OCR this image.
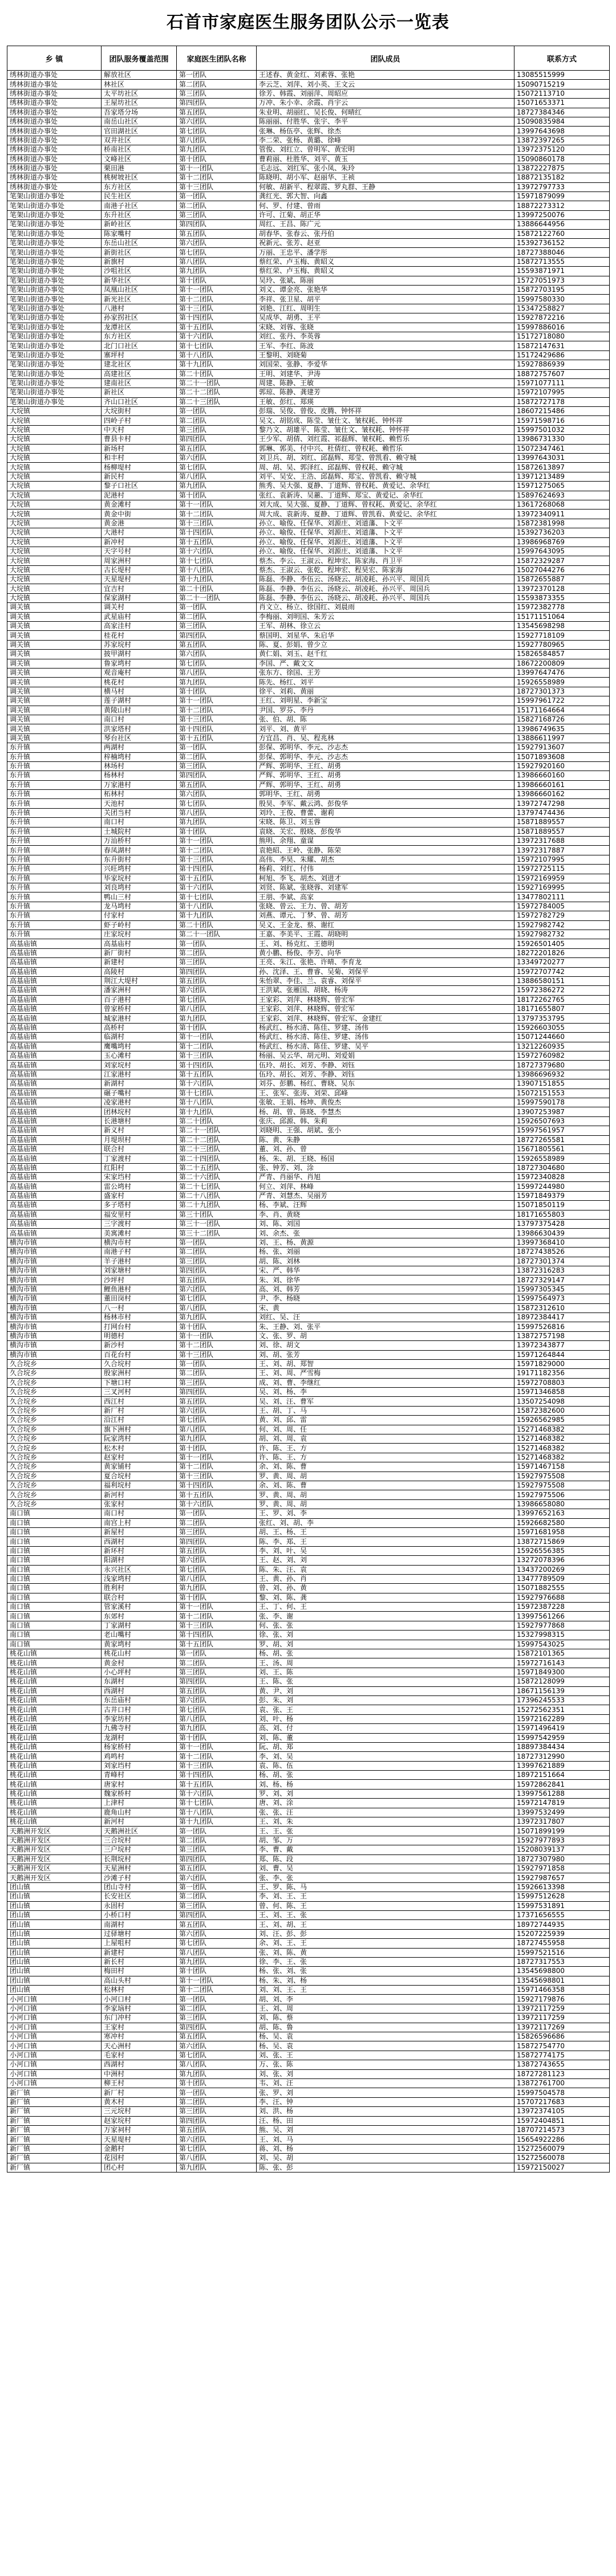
石首市家庭医生服务团队公示一览表
乡 镇	团队服务覆盖范围	家庭医生团队名称	团队成员	联系方式
绣林街道办事处	解放社区	第一团队	王述春、黄金红、刘素蓉、张艳	13085515999
绣林街道办事处	林社区	第二团队	李云芝、刘萍、刘小英、王文云	15090715219
绣林街道办事处	太平坊社区	第三团队	徐芳、韩霞、刘丽萍、周昭应	15072113710
绣林街道办事处	王屋坊社区	第四团队	万冲、朱小幸、余霞、肖宇云	15071653371
绣林街道办事处	吾家塔分场	第五团队	朱业明、胡丽红、吴长俊、何晴红	18727384346
绣林街道办事处	南岳山社区	第六团队	陈丽丽、付胜华、张宇、李平	15090835984
绣林街道办事处	官田湖社区	第七团队	张琳、杨伍亭、张辉、徐杰	13997643698
绣林街道办事处	双井社区	第八团队	李二荣、张杨、黄璐、徐峰	13872397265
绣林街道办事处	桥南社区	第九团队	管俊、刘红立、曾明军、黄宏明	13972375120
绣林街道办事处	文峰社区	第十团队	曹莉丽、杜胜华、刘平、黄玉	15090860178
绣林街道办事处	栗田港	第十一团队	毛志远、刘红军、张小凤、朱玲	13872227875
绣林街道办事处	桃树坡社区	第十二团队	陈晓明、胡小军、赵丽华、王祯	18872135182
绣林街道办事处	东方社区	第十三团队	何敏、胡新平、程翠霞、罗丸群、王静	13972797733
笔架山街道办事处	民生社区	第一团队	龚红光、郭大智、向鑫	15971879099
笔架山街道办事处	南港子社区	第二团队	何、罗、付建、曾雨	18872273312
笔架山街道办事处	东升社区	第三团队	许可、江菊、胡正华	13997250076
笔架山街道办事处	新岭社区	第四团队	周红、王昌、陈广元	13886644956
笔架山街道办事处	陈家嘴村	第五团队	胡春华、张春云、张丹伯	15872122760
笔架山街道办事处	东岳山社区	第六团队	祝新元、张芳、赵亚	15392736152
笔架山街道办事处	新街社区	第七团队	万丽、王忠平、潘学彤	18727388046
笔架山街道办事处	新旗村	第八团队	蔡红荣、卢玉梅、黄昭义	15872713555
笔架山街道办事处	沙咀社区	第九团队	蔡红荣、卢玉梅、黄昭义	15593871971
笔架山街道办事处	新华社区	第十团队	吴玲、张斌、陈丽	15727051973
笔架山街道办事处	凤凰山社区	第十一团队	刘义、谭金亮、张艳华	15872703195
笔架山街道办事处	新光社区	第十二团队	李祥、张卫星、胡平	15997580330
笔架山街道办事处	八港村	第十三团队	刘艳、江红、周明生	15347258827
笔架山街道办事处	孙家拐社区	第十四团队	吴成华、胡勇、王平	15927872216
笔架山街道办事处	龙潭社区	第十五团队	宋晓、刘蓉、张晓	15997886016
笔架山街道办事处	东方社区	第十六团队	刘红、张丹、李英蓉	15172718080
笔架山街道办事处	北门口社区	第十七团队	王军、李红、陈波	15872147631
笔架山街道办事处	寨坪村	第十八团队	王黎明、刘晓菊	15172429686
笔架山街道办事处	建北社区	第十九团队	刘国荣、张静、李爱华	15927886939
笔架山街道办事处	高建社区	第二十团队	王明、刘建华、尹涛	18872757607
笔架山街道办事处	建南社区	第二十一团队	周建、陈静、王敏	15971077111
笔架山街道办事处	新社区	第二十二团队	郭琼、陈静、龚建芳	15972107995
笔架山街道办事处	齐山口社区	第二十三团队	王敏、彭红、郑瑛	15872727178
大垸镇	大垸街村	第一团队	彭瑞、吴俊、曾俊、皮腾、钟怀祥	18607215486
大垸镇	四岭子村	第二团队	吴文、胡铭成、陈莹、皱仕文、皱权耗、钟怀祥	15971598716
大垸镇	中天村	第三团队	黎乃文、胡雄平、陈莹、皱仕文、皱权耗、钟怀祥	15997501032
大垸镇	曹县卡村	第四团队	王少军、胡倩、刘红霞、祁磊辉、皱权耗、赖哲乐	13986731330
大垸镇	新场村	第五团队	郭琳、郭美、付中兴、杜倩红、曾权耗、赖哲乐	15072347461
大垸镇	和丰村	第六团队	刘卫兵、胡、刘红、邱磊辉、郑莹、曾凯看、赖守城	13997643031
大垸镇	杨柳堤村	第七团队	周、胡、吴、郭泽红、邱磊辉、曾权耗、赖守城	15872613897
大垸镇	新民村	第八团队	刘平、吴安、王浩、邱磊辉、郑宝、曾凯看、赖守城	13971213489
大垸镇	黎子口社区	第九团队	熊秀、吴大强、夏静、丁道辉、曾权耗、黄爱记、余华红	15971275065
大垸镇	泥港村	第十团队	张红、袁新涛、吴蕙、丁道辉、郑宝、黄爱记、余华红	15897624693
大垸镇	黄金滩村	第十一团队	刘大成、吴大强、夏静、丁道辉、曾权耗、黄爱记、余华红	13617268068
大垸镇	黄金中街	第十二团队	周大成、袁新涛、夏静、丁道辉、曾凯看、黄爱记、余华红	13972340911
大垸镇	黄金港	第十三团队	孙立、喻俊、任保华、刘源庄、刘道藩、卜文平	15872381998
大垸镇	大港村	第十四团队	孙立、喻俊、任保华、刘源庄、刘道藩、卜文平	15392736203
大垸镇	新冲村	第十五团队	孙立、喻俊、任保华、刘源庄、刘道藩、卜文平	13986968769
大垸镇	天字号村	第十六团队	孙立、喻俊、任保华、刘源庄、刘道藩、卜文平	15997643095
大垸镇	周家洲村	第十七团队	蔡杰、李云、王淑云、程坤宏、陈家海、肖卫平	15872329287
大垸镇	古长堤村	第十八团队	蔡杰、王淑云、张乾、程坤宏、程昊宏、陈家海	15027044276
大垸镇	天星堤村	第十九团队	陈磊、李静、李伍云、汤晓云、胡凌耗、孙兴平、周国兵	15872655887
大垸镇	宜吉村	第二十团队	陈磊、李静、李伍云、汤晓云、胡凌耗、孙兴平、周国兵	13972370128
大垸镇	保家湖村	第二十一团队	陈磊、李静、李伍云、汤晓云、胡凌耗、孙兴平、周国兵	15593873355
调关镇	调关村	第一团队	肖文立、杨立、徐国红、刘晨雨	15972382778
调关镇	武星庙村	第二团队	李梅丽、刘明国、朱芳云	15171151064
调关镇	高家洼村	第三团队	王军、胡林、徐立云	13545698298
调关镇	桂花村	第四团队	蔡国明、刘星华、朱启华	15927718109
调关镇	苏家垸村	第五团队	陈、夏、彭娟、曾少立	15927780965
调关镇	披甲湖村	第六团队	黄仁娟、刘玉、赵千红	15826584857
调关镇	鲁家塆村	第七团队	李国、严、戴文文	18672200809
调关镇	观音庵村	第八团队	张东方、徐国、王芳	13997647476
调关镇	桃花村	第九团队	陈先、杨红、刘平	15926558989
调关镇	横马村	第十团队	徐平、刘莉、黄丽	18727301373
调关镇	莲子湖村	第十一团队	王红、刘明星、李新宝	15997961722
调关镇	黄陵山村	第十二团队	尹国、罗芬、李丹	15171164664
调关镇	南口村	第十三团队	张、伯、胡、陈	15827168726
调关镇	洪家塔村	第十四团队	刘平、刘、黄平	13986749635
调关镇	琴台社区	第十五团队	方宜昌、肖、吴、程兆林	13886611997
东升镇	两湖村	第一团队	彭保、郭明华、李元、沙志杰	15927913607
东升镇	梓楠塆村	第二团队	彭保、郭明华、李元、沙志杰	15071893608
东升镇	林场村	第三团队	严辉、郭明华、王红、胡勇	15927920160
东升镇	杨林村	第四团队	严辉、郭明华、王红、胡勇	13986660160
东升镇	万家港村	第五团队	严辉、郭明华、王红、胡勇	13986660161
东升镇	柘林村	第六团队	郭明华、王红、胡勇	13986660162
东升镇	天池村	第七团队	殷昊、李军、戴云鸿、彭俊华	13972747298
东升镇	关团当村	第八团队	刘玲、王俊、曹蕾、谢莉	13797474436
东升镇	南口村	第九团队	宋晓、陈卫、刘玉蓉	15871889557
东升镇	土城院村	第十团队	袁晓、关宏、殷晓、彭俊华	15871889557
东升镇	万汕桥村	第十一团队	熊明、余翔、童谋	13972317688
东升镇	春凤湖村	第十二团队	袁艳昭、王岭、张静、陈荣	13972317887
东升镇	东升街村	第十三团队	高伟、李昊、朱耀、胡杰	15972107995
东升镇	兴旺塆村	第十四团队	杨莉、刘红、付伟	15972725115
东升镇	毕家垸村	第十五团队	柯旭、李飞、胡杰、刘进才	15972169959
东升镇	刘良塆村	第十六团队	刘贤、陈斌、张晓蓉、刘建军	15927169995
东升镇	鸭山三村	第十七团队	王朋、李斌、高家	13477802111
东升镇	龙马塆村	第十八团队	张晓、曾云、王力、曾、胡芳	15972784005
东升镇	付家村	第十九团队	刘燕、谭元、丁梦、曾、胡芳	15972782729
东升镇	虾子岭村	第二十团队	吴义、王金龙、蔡、谢红	15927982742
东升镇	庄家垸村	第二十一团队	王嘉、李美平、王霞、胡晓明	15927982732
高基庙镇	高基庙村	第一团队	王、刘、杨克红、王德明	15926501405
高基庙镇	新厂街村	第二团队	黄小鹏、杨俊、李芳、向华	18272201826
高基庙镇	新建村	第三团队	王亮、朱江、张艳、许晴、李育龙	13349720277
高基庙镇	高陵村	第四团队	孙、沈泽、王、曹睿、吴菊、刘保平	15972707742
高基庙镇	荆江大堤村	第五团队	朱怡翠、李佳、兰、袁睿、刘保平	13886580151
高基庙镇	潘家洲村	第六团队	王洪斌、张雁国、胡晓、杨涛	15972386272
高基庙镇	百子港村	第七团队	王家彩、刘萍、林晓辉、曾宏军	18172262765
高基庙镇	曾家桥村	第八团队	王家彩、刘萍、林晓辉、曾宏军	18171655807
高基庙镇	城家港村	第九团队	王家彩、刘萍、林晓辉、曾宏军、金建红	13797353795
高基庙镇	高桥村	第十团队	杨武红、杨水清、陈佳、罗建、汤伟	15926603055
高基庙镇	临湖村	第十一团队	杨武红、杨水清、陈佳、罗建、汤伟	15071244660
高基庙镇	鹰嘴塆村	第十二团队	杨武红、杨水清、陈佳、罗建、吴平	13212260935
高基庙镇	玉心滩村	第十三团队	杨丽、吴云华、胡元明、刘爱娟	15972760982
高基庙镇	刘家垸村	第十四团队	伍玲、胡长、刘芳、李静、刘钰	18727379680
高基庙镇	江家港村	第十五团队	伍玲、胡长、刘芳、李静、刘钰	13986696932
高基庙镇	新湖村	第十六团队	刘芬、彭鹏、杨红、曹晓、吴东	13907151855
高基庙镇	碾子嘴村	第十七团队	王、张军、张涛、刘荣、邱峰	15072151553
高基庙镇	凌家港村	第十八团队	张敏、王娟、杨坤、黄俊杰	15997590178
高基庙镇	团林垸村	第十九团队	杨、胡、曾、陈晓、李慧杰	13907253987
高基庙镇	长港塘村	第二十团队	张庆、邱源、韩、朱莉	15926507693
高基庙镇	新义村	第二十一团队	刘晓明、王强、胡斌、张小	15997561957
高基庙镇	月堤坝村	第二十二团队	陈、黄、朱静	18727265581
高基庙镇	联合村	第二十三团队	董、刘、孙、曾	15671805561
高基庙镇	丁家渡村	第二十四团队	杨、朱、胡、王晓、杨国	15926558989
高基庙镇	红阳村	第二十五团队	张、钟芳、刘、涂	18727304680
高基庙镇	宋家垱村	第二十六团队	严青、肖丽华、肖旭	15972340828
高基庙镇	雷公塆村	第二十七团队	何立、刘萍、林峰	15997244980
高基庙镇	盛家村	第二十八团队	严青、刘慧杰、吴丽芳	15971849379
高基庙镇	多子塔村	第二十九团队	杨、李斌、汪辉	15071850119
高基庙镇	福安里村	第三十团队	李、肖、黄晓	18171655803
高基庙镇	三字渡村	第三十一团队	刘、陈、刘国	13797375428
高基庙镇	美寓滩村	第三十二团队	刘、余杰、张	13986630439
横沟市镇	横沟市村	第一团队	刘、王、杨、黄源	13997368410
横沟市镇	南港子村	第二团队	杨、张、刘丽	18727438526
横沟市镇	羊子港村	第三团队	胡、陈、刘林	18727301374
横沟市镇	刘家塘村	第四团队	宋、严、韩华	13872316283
横沟市镇	沙坪村	第五团队	朱、刘、徐华	18727329147
横沟市镇	鲤鱼港村	第六团队	高、刘、韩芳	15997305345
横沟市镇	董田岗村	第七团队	尹、李、杨晓	15997564973
横沟市镇	八一村	第八团队	宋、黄	15872312610
横沟市镇	杨林市村	第九团队	刘红、吴、汪	18972384417
横沟市镇	打网台村	第十团队	朱、王静、刘、张平	15997526816
横沟市镇	明德村	第十一团队	文、张、罗、胡	13872757198
横沟市镇	新沙村	第十二团队	刘、徐、胡文	13972343877
横沟市镇	百花台村	第十三团队	刘、胡、张芳	15971264844
久合垸乡	久合垸村	第一团队	王、刘、胡、郑智	15971829000
久合垸乡	殷家洲村	第二团队	王、刘、周、严雪梅	19171182356
久合垸乡	下塘口村	第三团队	成、刘、曹、李继红	15972708803
久合垸乡	三叉河村	第四团队	吴、刘、杨、李	15971346858
久合垸乡	西江村	第五团队	吴、刘、汪、曹军	13507254098
久合垸乡	新厂村	第六团队	王、胡、丁、马	15872382600
久合垸乡	沿江村	第七团队	黄、刘、邱、雷	15926562985
久合垸乡	旗下洲村	第八团队	何、刘、周、任	15271468382
久合垸乡	阮家湾村	第九团队	胡、刘、周、袁	15271468382
久合垸乡	松木村	第十团队	许、陈、王、方	15271468382
久合垸乡	赵家村	第十一团队	许、陈、王、方	15271468382
久合垸乡	黄家铺村	第十二团队	余、刘、陈、曹	15971467158
久合垸乡	夏合垸村	第十三团队	罗、黄、周、胡	15927975508
久合垸乡	福利垸村	第十四团队	余、刘、陈、曹	15927975508
久合垸乡	新河村	第十五团队	罗、黄、周、胡	15927975506
久合垸乡	张家村	第十六团队	罗、黄、周、胡	13986658080
南口镇	南口村	第一团队	王、罗、刘、李	13997652163
南口镇	南宫上村	第二团队	张红、刘、胡、李	15926682580
南口镇	新屋村	第三团队	胡、王、杨、王	15971681958
南口镇	西湖村	第四团队	陈、李、郑、王	13872715869
南口镇	新环村	第五团队	李、刘、叶、吴	15926556385
南口镇	阳湖村	第六团队	王、赵、刘、刘	13272078396
南口镇	永兴社区	第七团队	陈、朱、汪、袁	13437200269
南口镇	浅家塆村	第八团队	王、黄、孙、肖	13477789509
南口镇	胜利村	第九团队	曾、刘、孙、黄	15071882555
南口镇	联合村	第十团队	黎、刘、陈、龚	15927976688
南口镇	管家溪村	第十一团队	王、丁、何、王	15972387228
南口镇	东郊村	第十二团队	张、李、谢	13997561266
南口镇	丁家湖村	第十三团队	何、张、张	15927977868
南口镇	老山嘴村	第十四团队	徐、张、刘	15327998315
南口镇	黄家塆村	第十五团队	罗、胡、刘	15997543025
桃花山镇	桃花山村	第一团队	杨、胡、张	15872101365
桃花山镇	黄金村	第二团队	王、汤、周	15972716143
桃花山镇	小心坪村	第三团队	刘、王、陈	15971849300
桃花山镇	东湖村	第四团队	王、陈、张	15872128099
桃花山镇	西湖村	第五团队	黄、尹、刘	18671156139
桃花山镇	东岳庙村	第六团队	彭、朱、刘	17396245533
桃花山镇	古井口村	第七团队	袁、张、王	15272562351
桃花山镇	李家坊村	第八团队	刘、叶、杨	15972162289
桃花山镇	九佛寺村	第九团队	高、刘、付	15971496419
桃花山镇	龙湖村	第十团队	刘、陈、董	15997542959
桃花山镇	杨家桥村	第十一团队	阮、胡、郑	18897384434
桃花山镇	鸡鸣村	第十二团队	李、刘、吴	18727312990
桃花山镇	刘家垱村	第十三团队	袁、陈、伍	13997621889
桃花山镇	青峰村	第十四团队	杨、胡、张	18972151664
桃花山镇	唐家村	第十五团队	刘、杨、杨	15972862841
桃花山镇	魏家桥村	第十六团队	罗、刘、刘	13997561288
桃花山镇	上津村	第十七团队	唐、刘、涂	15972147819
桃花山镇	鹿角山村	第十八团队	张、张、汪	13997532499
桃花山镇	新河村	第十九团队	王、刘、朱	13972317807
天鹅洲开发区	天鹅洲社区	第一团队	王、王、张	15071899199
天鹅洲开发区	三合垸村	第二团队	胡、邹、万	15927977893
天鹅洲开发区	三户垸村	第三团队	李、曹、戴	15208039137
天鹅洲开发区	长荆垸村	第四团队	郑、陈、段	18727307980
天鹅洲开发区	天星洲村	第五团队	刘、曹、吴	15927971858
天鹅洲开发区	沙滩子村	第六团队	张、李、张	15927987657
团山镇	团山寺村	第一团队	王、罗、陈、马	15926613398
团山镇	长安社区	第二团队	李、刘、王、王	15997512628
团山镇	永固村	第三团队	曾、何、陈、王	15997531891
团山镇	小桥口村	第四团队	王、刘、王、张	17371656555
团山镇	南湖村	第五团队	王、刘、胡、王	18972744935
团山镇	过驿塘村	第六团队	刘、汪、彭、彭	15207225939
团山镇	上屋咀村	第七团队	余、刘、王、王	18727455958
团山镇	新建村	第八团队	张、刘、陈、黄	15997521516
团山镇	新长村	第九团队	徐、李、王、张	18727317553
团山镇	梅田村	第十团队	杨、张、刘、张	13545698800
团山镇	高山头村	第十一团队	杨、朱、刘、杨	13545698801
团山镇	松林村	第十二团队	刘、刘、王、王	15971466358
小河口镇	小河口村	第一团队	胡、刘、李	15927179876
小河口镇	李家垴村	第二团队	王、刘、周	13972117259
小河口镇	东门冲村	第三团队	刘、陈、蔡	13972117259
小河口镇	王家村	第四团队	胡、陈、鲁	13972117269
小河口镇	寒冲村	第五团队	杨、吴、袁	15826596686
小河口镇	天心洲村	第六团队	杨、吴、袁	15872754770
小河口镇	毛家村	第七团队	刘、张、王	15872774175
小河口镇	西湖村	第八团队	万、张、陈	13872743655
小河口镇	中洲村	第九团队	刘、张、刘	18727281123
小河口镇	柳王村	第十团队	韦、刘、汪	13872761700
新厂镇	新厂村	第一团队	张、罗、刘	15997504578
新厂镇	黄木村	第二团队	李、汪、钟	15707217683
新厂镇	三元垸村	第三团队	刘、洪、杨	13972374105
新厂镇	赵家垸村	第四团队	汪、杨、田	15972404851
新厂镇	万家祠村	第五团队	熊、吴、刘	18707214573
新厂镇	天星堤村	第六团队	王、刘、马	15654922286
新厂镇	金鹅村	第七团队	蒋、刘、杨	15272560079
新厂镇	花园村	第八团队	刘、吴、胡	15272560078
新厂镇	团心村	第九团队	陈、张、彭	15972150027
